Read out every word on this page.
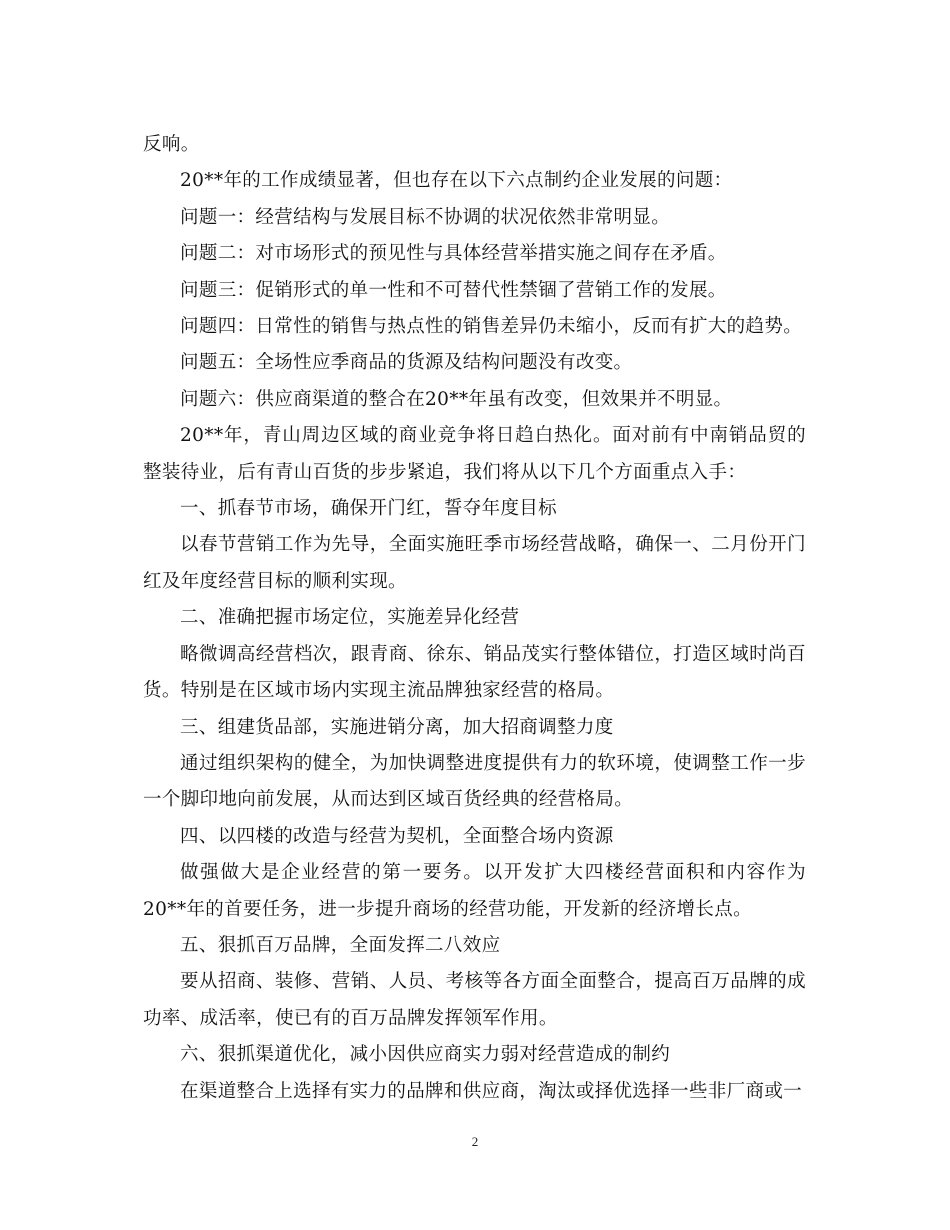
反响。

20**年的工作成绩显著，但也存在以下六点制约企业发展的问题：

问题一：经营结构与发展目标不协调的状况依然非常明显。

问题二：对市场形式的预见性与具体经营举措实施之间存在矛盾。

问题三：促销形式的单一性和不可替代性禁锢了营销工作的发展。

问题四：日常性的销售与热点性的销售差异仍未缩小，反而有扩大的趋势。

问题五：全场性应季商品的货源及结构问题没有改变。

问题六：供应商渠道的整合在20**年虽有改变，但效果并不明显。

20**年，青山周边区域的商业竞争将日趋白热化。面对前有中南销品贸的整装待业，后有青山百货的步步紧追，我们将从以下几个方面重点入手：

一、抓春节市场，确保开门红，誓夺年度目标

以春节营销工作为先导，全面实施旺季市场经营战略，确保一、二月份开门红及年度经营目标的顺利实现。

二、准确把握市场定位，实施差异化经营

略微调高经营档次，跟青商、徐东、销品茂实行整体错位，打造区域时尚百货。特别是在区域市场内实现主流品牌独家经营的格局。

三、组建货品部，实施进销分离，加大招商调整力度

通过组织架构的健全，为加快调整进度提供有力的软环境，使调整工作一步一个脚印地向前发展，从而达到区域百货经典的经营格局。

四、以四楼的改造与经营为契机，全面整合场内资源

做强做大是企业经营的第一要务。以开发扩大四楼经营面积和内容作为20**年的首要任务，进一步提升商场的经营功能，开发新的经济增长点。

五、狠抓百万品牌，全面发挥二八效应

要从招商、装修、营销、人员、考核等各方面全面整合，提高百万品牌的成功率、成活率，使已有的百万品牌发挥领军作用。

六、狠抓渠道优化，减小因供应商实力弱对经营造成的制约

在渠道整合上选择有实力的品牌和供应商，淘汰或择优选择一些非厂商或一

2
